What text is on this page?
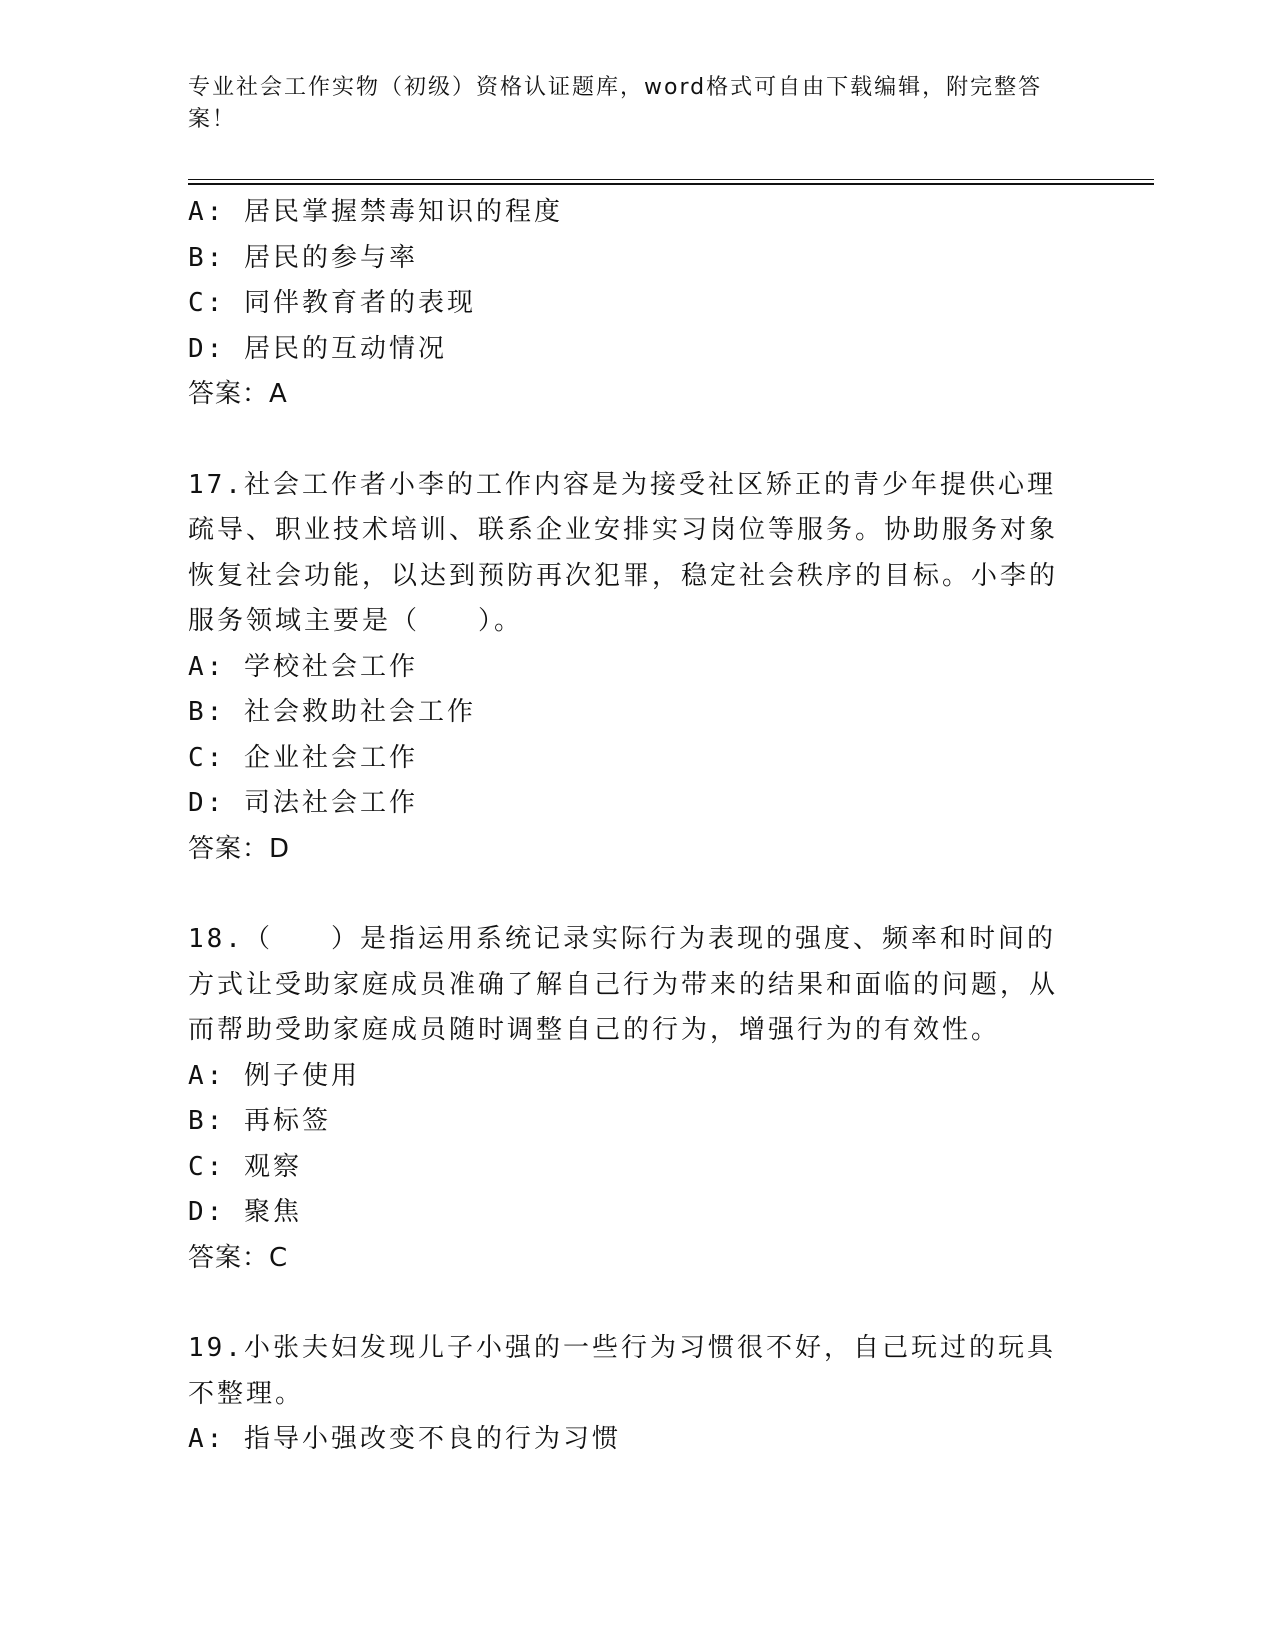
专业社会工作实物（初级）资格认证题库，word格式可自由下载编辑，附完整答案！
A: 居民掌握禁毒知识的程度
B: 居民的参与率
C: 同伴教育者的表现
D: 居民的互动情况
答案：A
17.社会工作者小李的工作内容是为接受社区矫正的青少年提供心理疏导、职业技术培训、联系企业安排实习岗位等服务。协助服务对象恢复社会功能，以达到预防再次犯罪，稳定社会秩序的目标。小李的服务领域主要是（　　）。
A: 学校社会工作
B: 社会救助社会工作
C: 企业社会工作
D: 司法社会工作
答案：D
18.（　　）是指运用系统记录实际行为表现的强度、频率和时间的方式让受助家庭成员准确了解自己行为带来的结果和面临的问题，从而帮助受助家庭成员随时调整自己的行为，增强行为的有效性。
A: 例子使用
B: 再标签
C: 观察
D: 聚焦
答案：C
19.小张夫妇发现儿子小强的一些行为习惯很不好，自己玩过的玩具不整理。
A: 指导小强改变不良的行为习惯
